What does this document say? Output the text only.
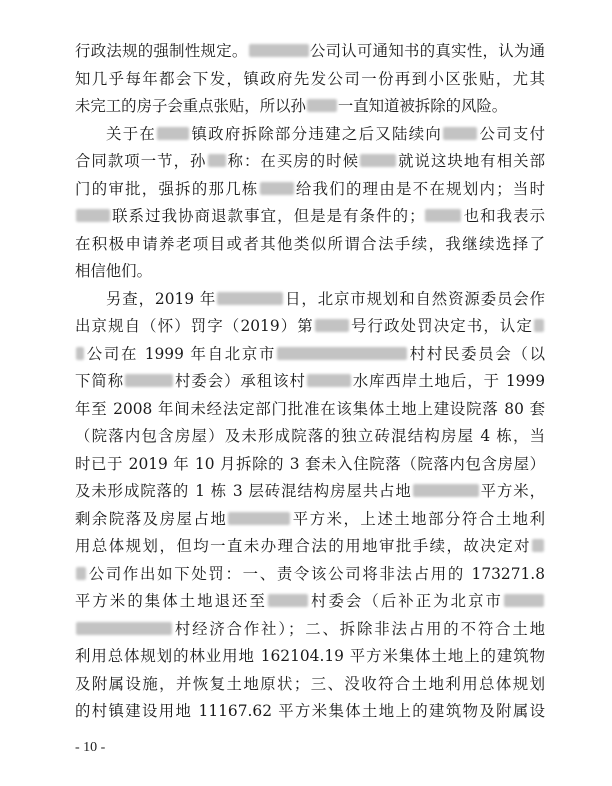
行政法规的强制性规定。	公司认可通知书的真实性，认为通
知几乎每年都会下发，镇政府先发公司一份再到小区张贴，尤其
未完工的房子会重点张贴，所以孙 一直知道被拆除的风险。
关于在 镇政府拆除部分违建之后又陆续向 公司支付
合同款项一节，孙 称：在买房的时候 就说这块地有相关部
门的审批，强拆的那几栋 给我们的理由是不在规划内；当时
联系过我协商退款事宜，但是是有条件的； 也和我表示
在积极申请养老项目或者其他类似所谓合法手续，我继续选择了
相信他们。
另查，2019 年	日，北京市规划和自然资源委员会作
出京规自（怀）罚字（2019）第 号行政处罚决定书，认定
公司在 1999 年自北京市	村村民委员会（以
下简称	村委会）承租该村	水库西岸土地后，于 1999
年至 2008 年间未经法定部门批准在该集体土地上建设院落 80 套
（院落内包含房屋）及未形成院落的独立砖混结构房屋 4 栋，当
时已于 2019 年 10 月拆除的 3 套未入住院落（院落内包含房屋）
及未形成院落的 1 栋 3 层砖混结构房屋共占地	平方米，
剩余院落及房屋占地	平方米，上述土地部分符合土地利
用总体规划，但均一直未办理合法的用地审批手续，故决定对
公司作出如下处罚：一、责令该公司将非法占用的 173271.8
平方米的集体土地退还至	村委会（后补正为北京市
村经济合作社）；二、拆除非法占用的不符合土地
利用总体规划的林业用地 162104.19 平方米集体土地上的建筑物
及附属设施，并恢复土地原状；三、没收符合土地利用总体规划
的村镇建设用地 11167.62 平方米集体土地上的建筑物及附属设
- 10 -
